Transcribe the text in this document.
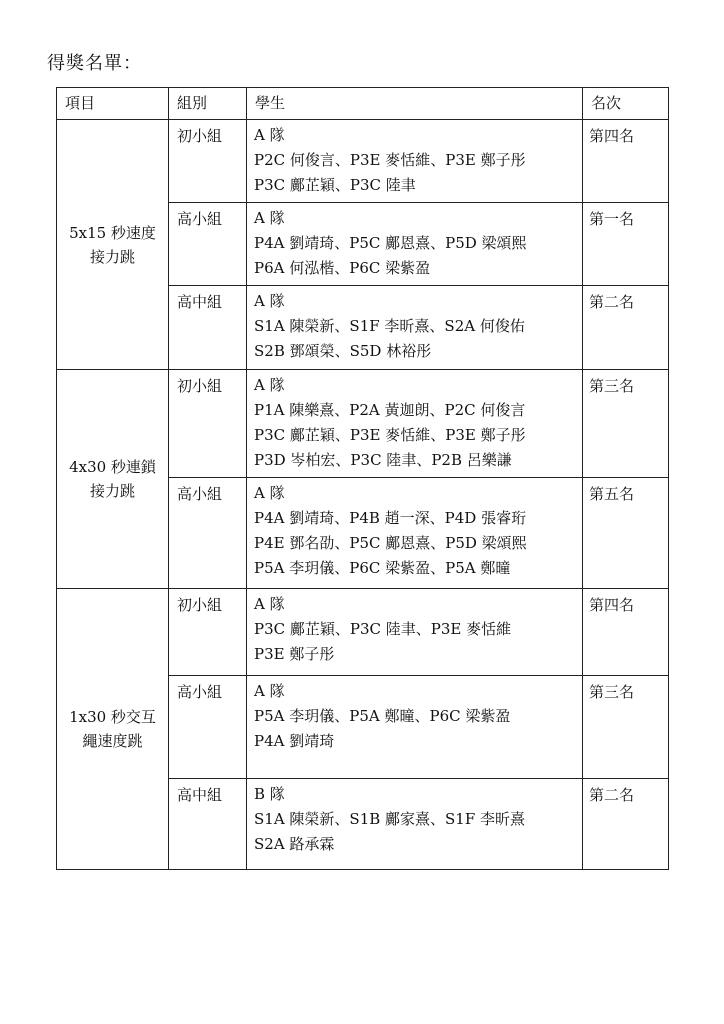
得獎名單：
項目	組別	學生	名次

5x15 秒速度
接力跳	初小組	A 隊
P2C 何俊言、P3E 麥恬維、P3E 鄭子彤
P3C 鄺芷穎、P3C 陸聿	第四名
	高小組	A 隊
P4A 劉靖琦、P5C 鄺恩熹、P5D 梁頌熙
P6A 何泓楷、P6C 梁紫盈	第一名
	高中組	A 隊
S1A 陳榮新、S1F 李昕熹、S2A 何俊佑
S2B 鄧頌榮、S5D 林裕彤	第二名

4x30 秒連鎖
接力跳	初小組	A 隊
P1A 陳樂熹、P2A 黃迦朗、P2C 何俊言
P3C 鄺芷穎、P3E 麥恬維、P3E 鄭子彤
P3D 岑柏宏、P3C 陸聿、P2B 呂樂謙	第三名
	高小組	A 隊
P4A 劉靖琦、P4B 趙一深、P4D 張睿珩
P4E 鄧名劭、P5C 鄺恩熹、P5D 梁頌熙
P5A 李玥儀、P6C 梁紫盈、P5A 鄭曈	第五名

1x30 秒交互
繩速度跳	初小組	A 隊
P3C 鄺芷穎、P3C 陸聿、P3E 麥恬維
P3E 鄭子彤	第四名
	高小組	A 隊
P5A 李玥儀、P5A 鄭曈、P6C 梁紫盈
P4A 劉靖琦	第三名
	高中組	B 隊
S1A 陳榮新、S1B 鄺家熹、S1F 李昕熹
S2A 路承霖	第二名
